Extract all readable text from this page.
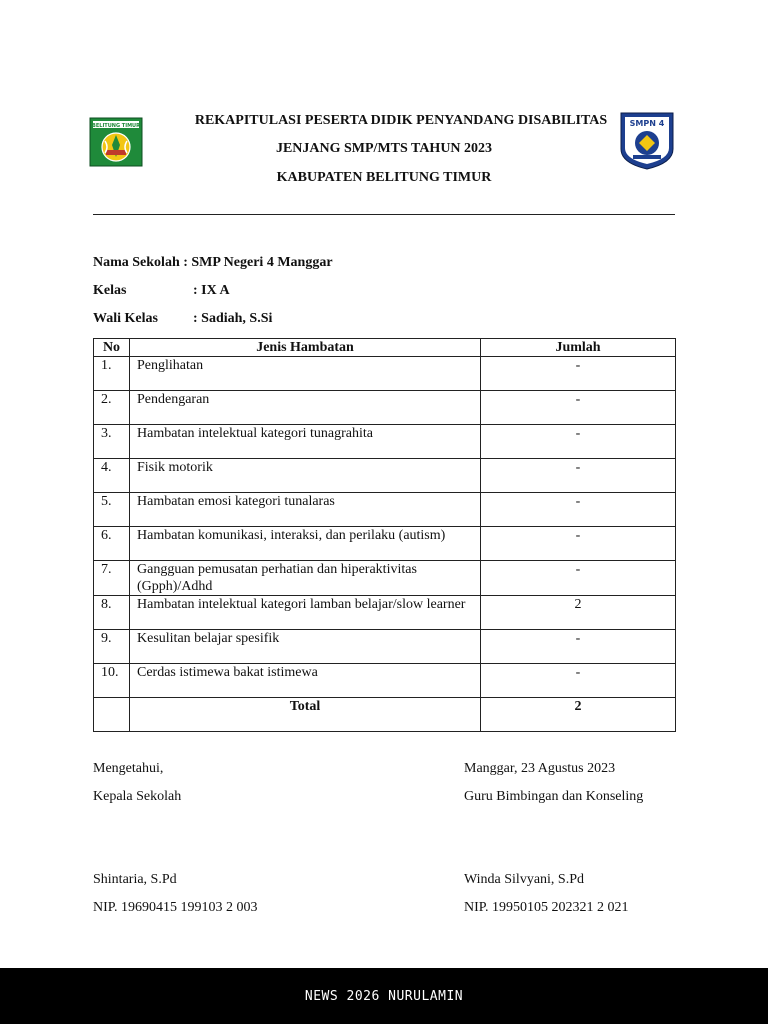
BELITUNG TIMUR	SMPN 4
REKAPITULASI PESERTA DIDIK PENYANDANG DISABILITAS
JENJANG SMP/MTS TAHUN 2023
KABUPATEN BELITUNG TIMUR
Nama Sekolah : SMP Negeri 4 Manggar
Kelas	: IX A
Wali Kelas	: Sadiah, S.Si
No	Jenis Hambatan	Jumlah
1.	Penglihatan	-
2.	Pendengaran	-
3.	Hambatan intelektual kategori tunagrahita	-
4.	Fisik motorik	-
5.	Hambatan emosi kategori tunalaras	-
6.	Hambatan komunikasi, interaksi, dan perilaku (autism)	-
7.	Gangguan pemusatan perhatian dan hiperaktivitas (Gpph)/Adhd	-
8.	Hambatan intelektual kategori lamban belajar/slow learner	2
9.	Kesulitan belajar spesifik	-
10.	Cerdas istimewa bakat istimewa	-
	Total	2
Mengetahui,
Kepala Sekolah
Shintaria, S.Pd
NIP. 19690415 199103 2 003
Manggar, 23 Agustus 2023
Guru Bimbingan dan Konseling
Winda Silvyani, S.Pd
NIP. 19950105 202321 2 021
NEWS 2026 NURULAMIN
